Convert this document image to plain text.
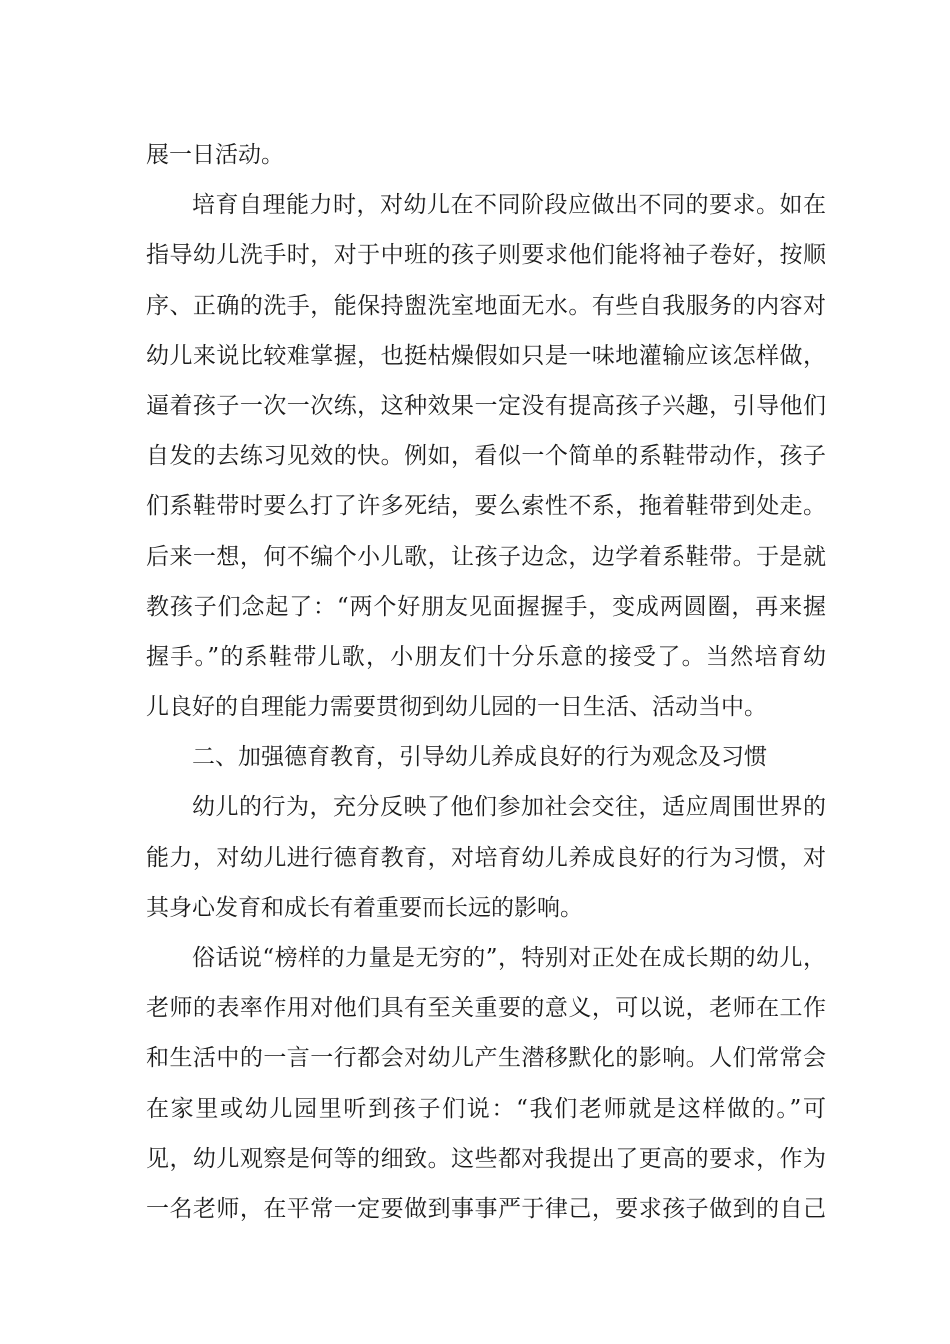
展一日活动。
培育自理能力时，对幼儿在不同阶段应做出不同的要求。如在
指导幼儿洗手时，对于中班的孩子则要求他们能将袖子卷好，按顺
序、正确的洗手，能保持盥洗室地面无水。有些自我服务的内容对
幼儿来说比较难掌握，也挺枯燥假如只是一味地灌输应该怎样做，
逼着孩子一次一次练，这种效果一定没有提高孩子兴趣，引导他们
自发的去练习见效的快。例如，看似一个简单的系鞋带动作，孩子
们系鞋带时要么打了许多死结，要么索性不系，拖着鞋带到处走。
后来一想，何不编个小儿歌，让孩子边念，边学着系鞋带。于是就
教孩子们念起了：“两个好朋友见面握握手，变成两圆圈，再来握
握手。”的系鞋带儿歌，小朋友们十分乐意的接受了。当然培育幼
儿良好的自理能力需要贯彻到幼儿园的一日生活、活动当中。
二、加强德育教育，引导幼儿养成良好的行为观念及习惯
幼儿的行为，充分反映了他们参加社会交往，适应周围世界的
能力，对幼儿进行德育教育，对培育幼儿养成良好的行为习惯，对
其身心发育和成长有着重要而长远的影响。
俗话说“榜样的力量是无穷的”，特别对正处在成长期的幼儿，
老师的表率作用对他们具有至关重要的意义，可以说，老师在工作
和生活中的一言一行都会对幼儿产生潜移默化的影响。人们常常会
在家里或幼儿园里听到孩子们说：“我们老师就是这样做的。”可
见，幼儿观察是何等的细致。这些都对我提出了更高的要求，作为
一名老师，在平常一定要做到事事严于律己，要求孩子做到的自己
